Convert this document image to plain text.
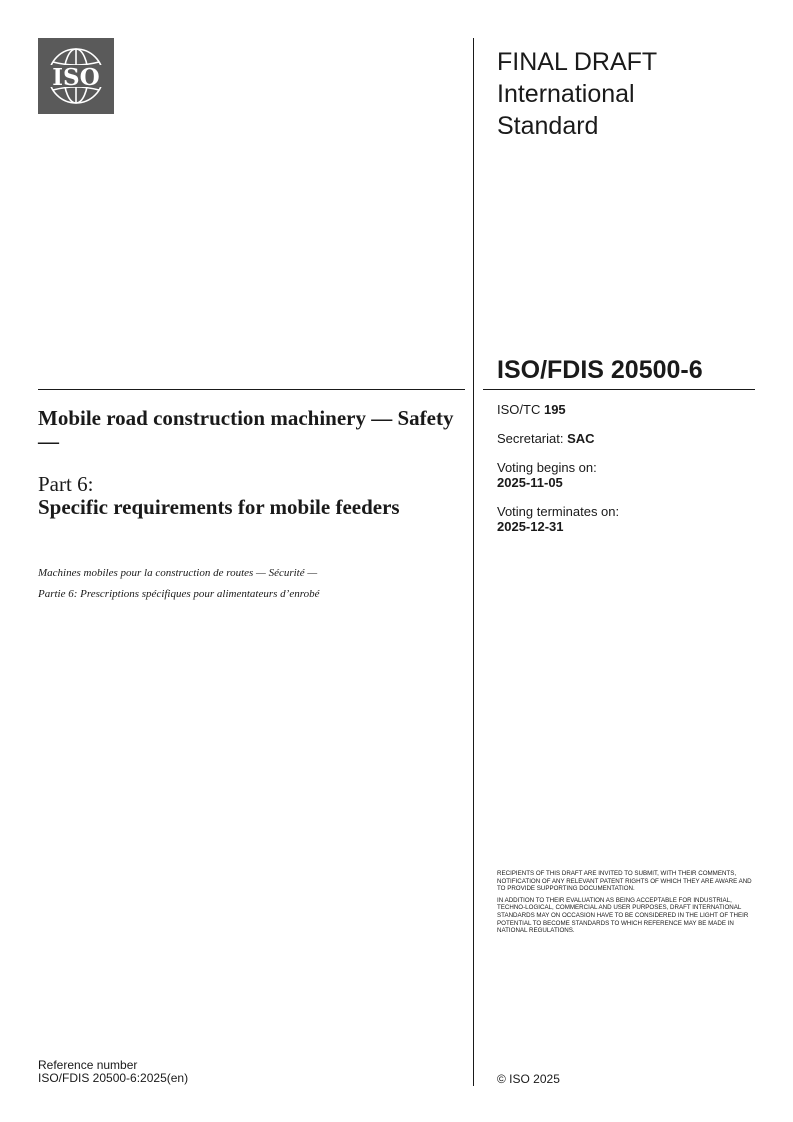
ISO
FINAL DRAFT
International
Standard
ISO/FDIS 20500-6
ISO/TC 195
Secretariat: SAC
Voting begins on:
2025-11-05
Voting terminates on:
2025-12-31
Mobile road construction machinery — Safety —
Part 6:
Specific requirements for mobile feeders
Machines mobiles pour la construction de routes — Sécurité —
Partie 6: Prescriptions spécifiques pour alimentateurs d’enrobé

RECIPIENTS OF THIS DRAFT ARE INVITED TO SUBMIT, WITH THEIR COMMENTS, NOTIFICATION OF ANY RELEVANT PATENT RIGHTS OF WHICH THEY ARE AWARE AND TO PROVIDE SUPPORTING DOCUMENTATION.

IN ADDITION TO THEIR EVALUATION AS BEING ACCEPTABLE FOR INDUSTRIAL, TECHNO-LOGICAL, COMMERCIAL AND USER PURPOSES, DRAFT INTERNATIONAL STANDARDS MAY ON OCCASION HAVE TO BE CONSIDERED IN THE LIGHT OF THEIR POTENTIAL TO BECOME STANDARDS TO WHICH REFERENCE MAY BE MADE IN NATIONAL REGULATIONS.

Reference number
ISO/FDIS 20500-6:2025(en)	© ISO 2025
